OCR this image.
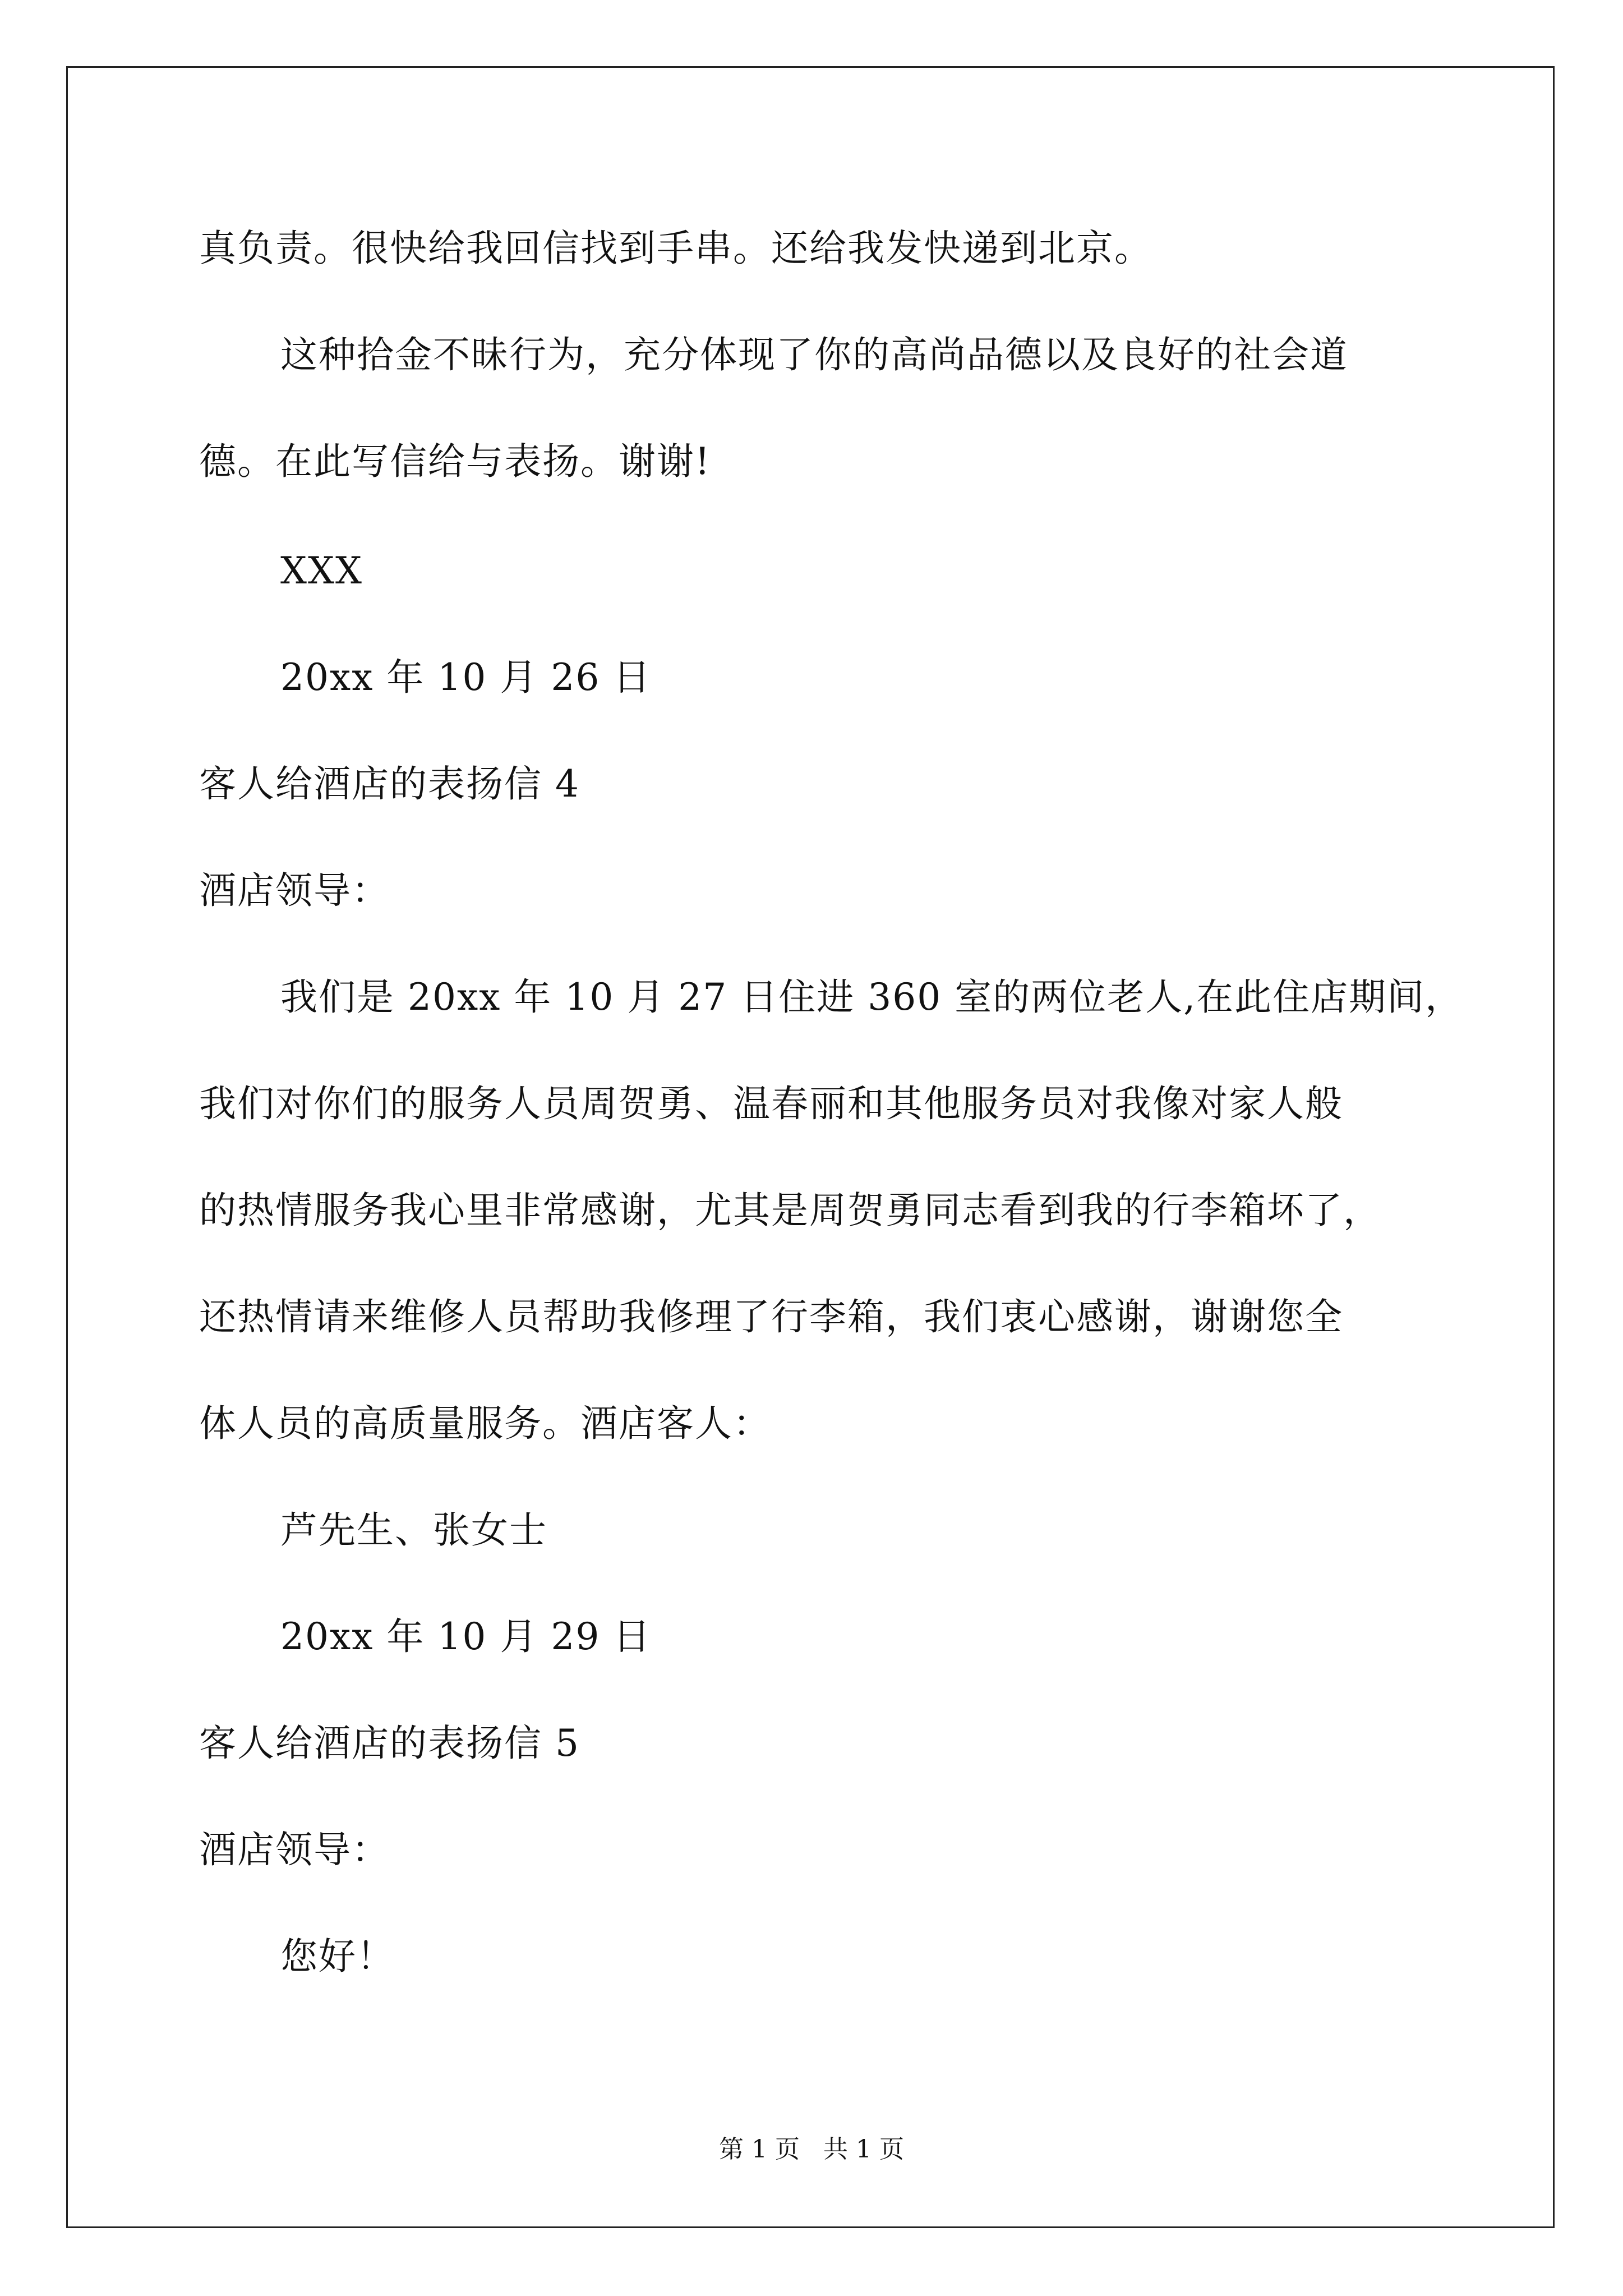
真负责。很快给我回信找到手串。还给我发快递到北京。
这种拾金不昧行为，充分体现了你的高尚品德以及良好的社会道
德。在此写信给与表扬。谢谢!
XXX
20xx 年 10 月 26 日
客人给酒店的表扬信 4
酒店领导：
我们是 20xx 年 10 月 27 日住进 360 室的两位老人,在此住店期间，
我们对你们的服务人员周贺勇、温春丽和其他服务员对我像对家人般
的热情服务我心里非常感谢，尤其是周贺勇同志看到我的行李箱坏了，
还热情请来维修人员帮助我修理了行李箱，我们衷心感谢，谢谢您全
体人员的高质量服务。酒店客人：
芦先生、张女士
20xx 年 10 月 29 日
客人给酒店的表扬信 5
酒店领导：
您好！
第 1 页   共 1 页
